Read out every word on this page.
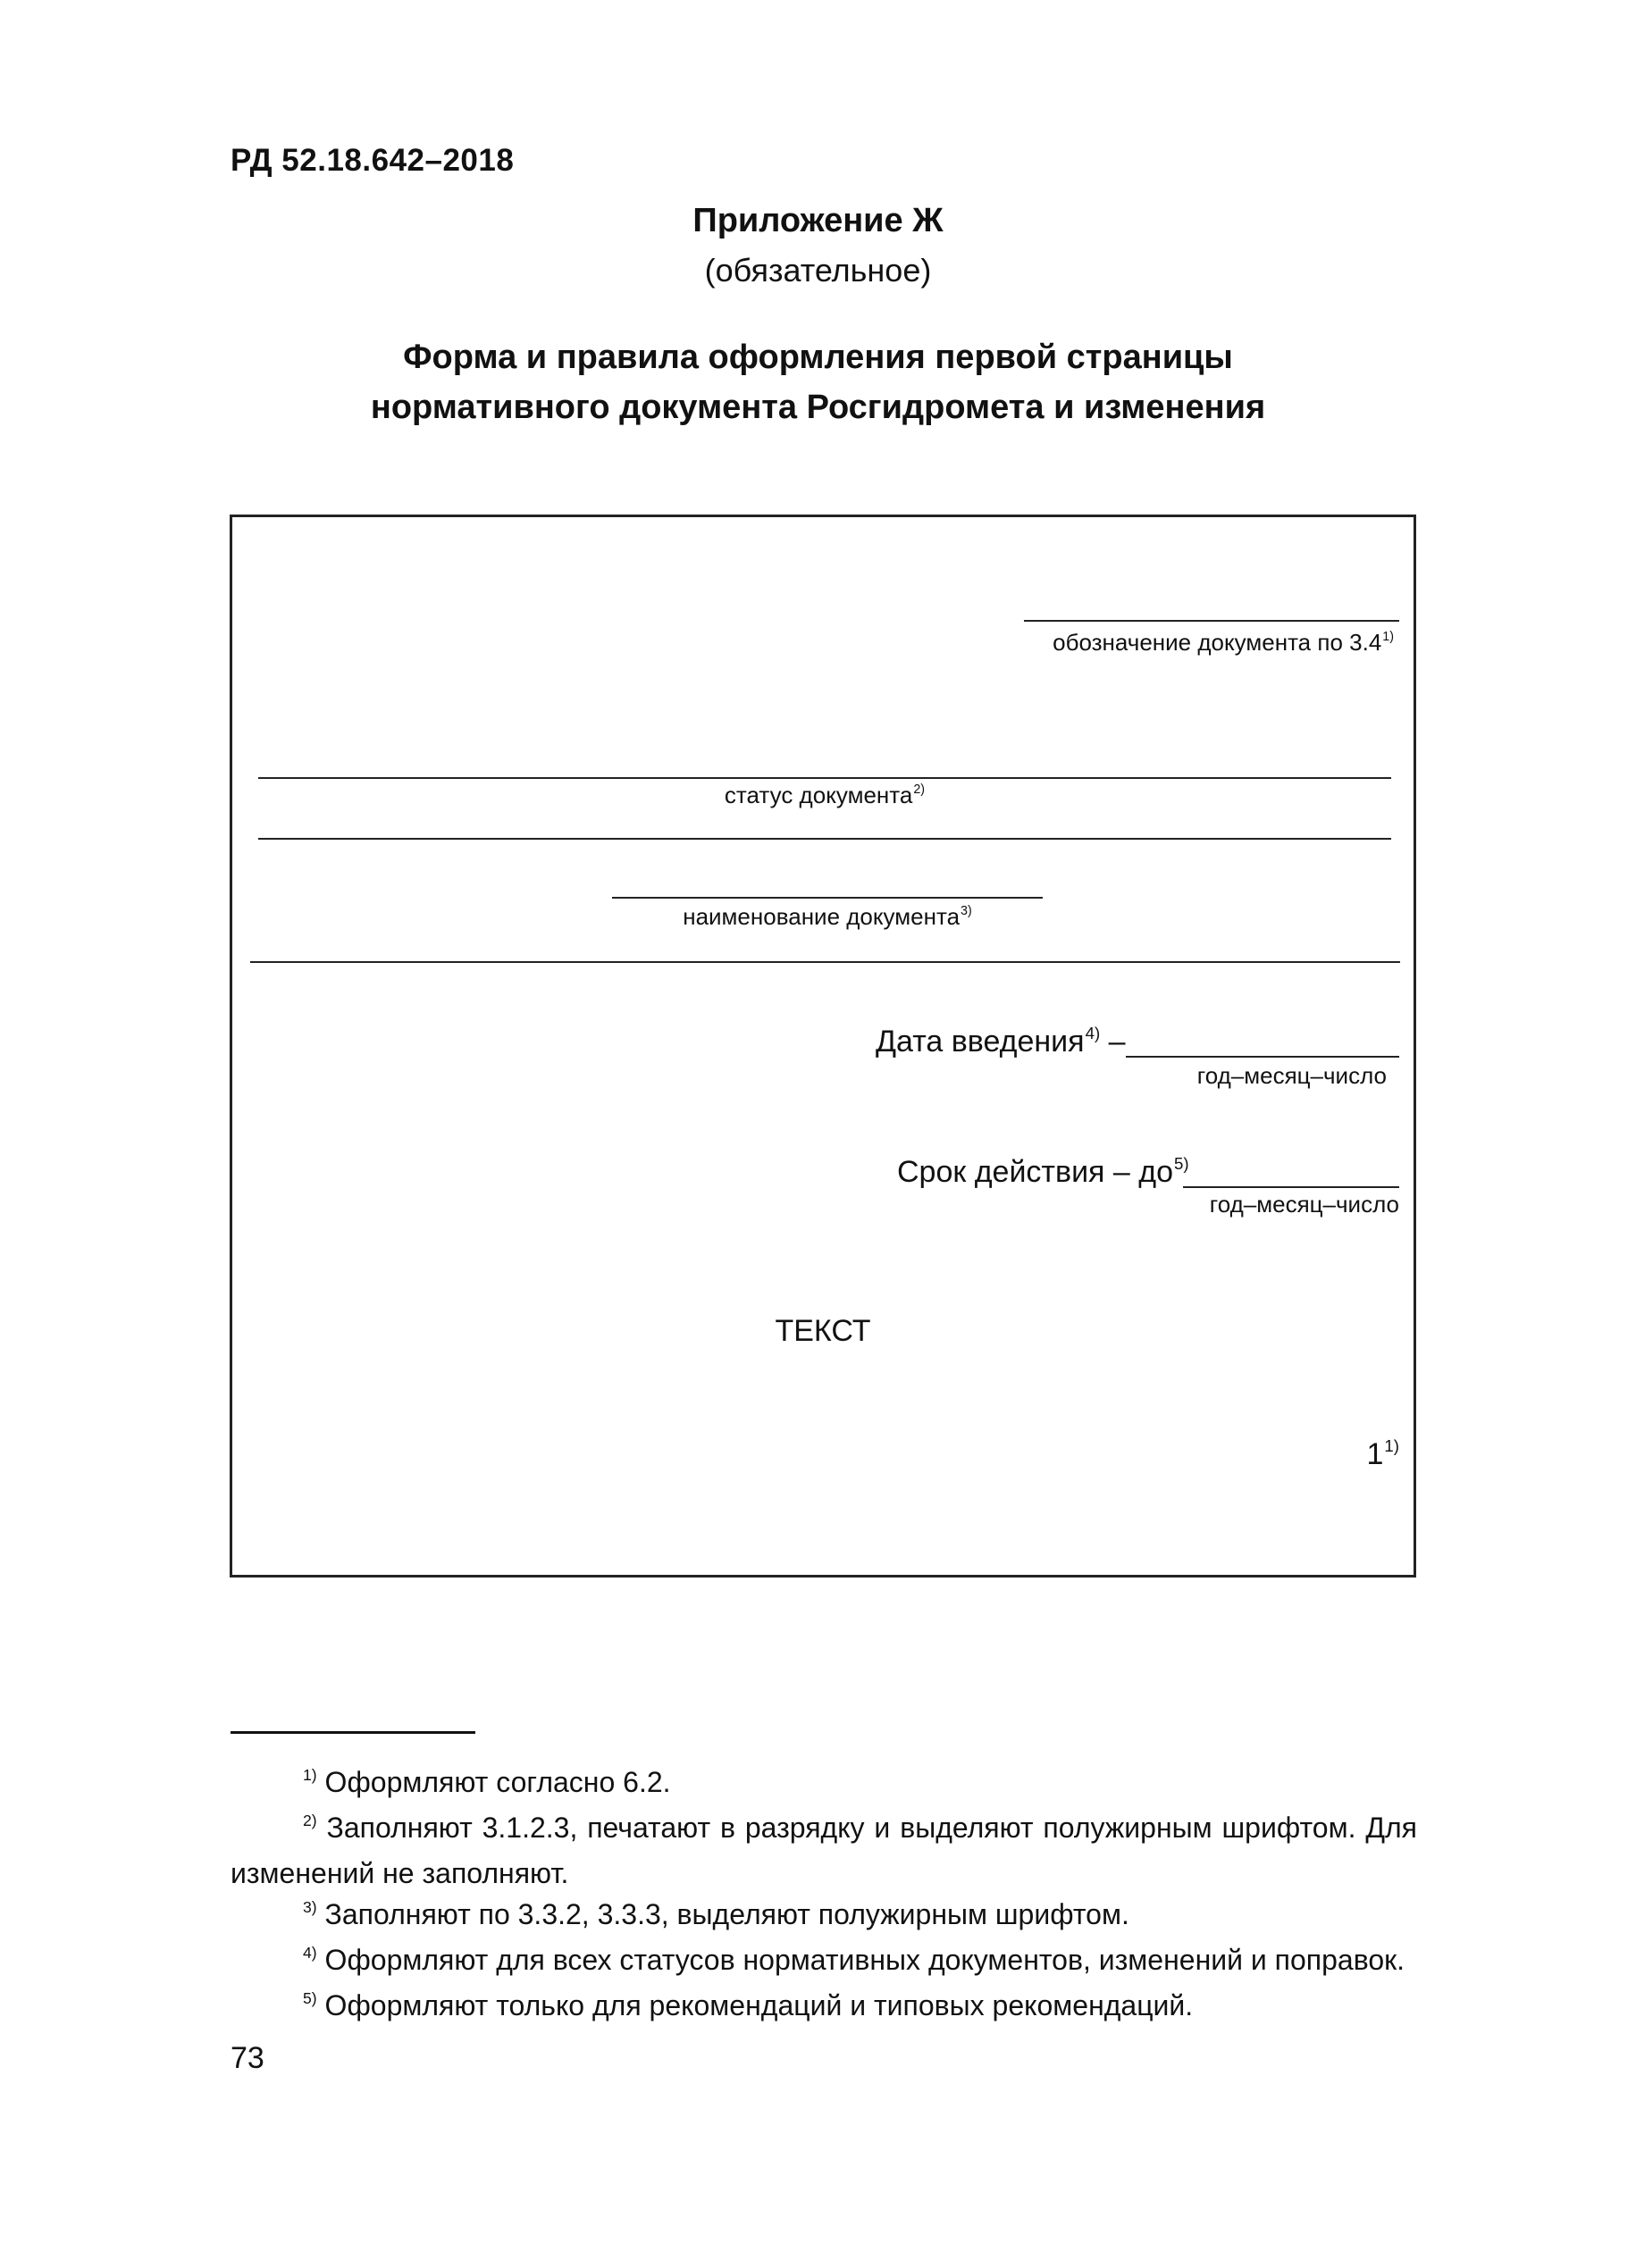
РД 52.18.642–2018
Приложение Ж
(обязательное)
Форма и правила оформления первой страницы
нормативного документа Росгидромета и изменения
обозначение документа по 3.4$^{1)}$
статус документа$^{2)}$
наименование документа$^{3)}$
Дата введения$^{4)}$ –
год–месяц–число
Срок действия – до$^{5)}$
год–месяц–число
ТЕКСТ
1$^{1)}$
$^{1)}$ Оформляют согласно 6.2.
$^{2)}$ Заполняют 3.1.2.3, печатают в разрядку и выделяют полужирным шрифтом. Для изменений не заполняют.
$^{3)}$ Заполняют по 3.3.2, 3.3.3, выделяют полужирным шрифтом.
$^{4)}$ Оформляют для всех статусов нормативных документов, изменений и поправок.
$^{5)}$ Оформляют только для рекомендаций и типовых рекомендаций.
73
